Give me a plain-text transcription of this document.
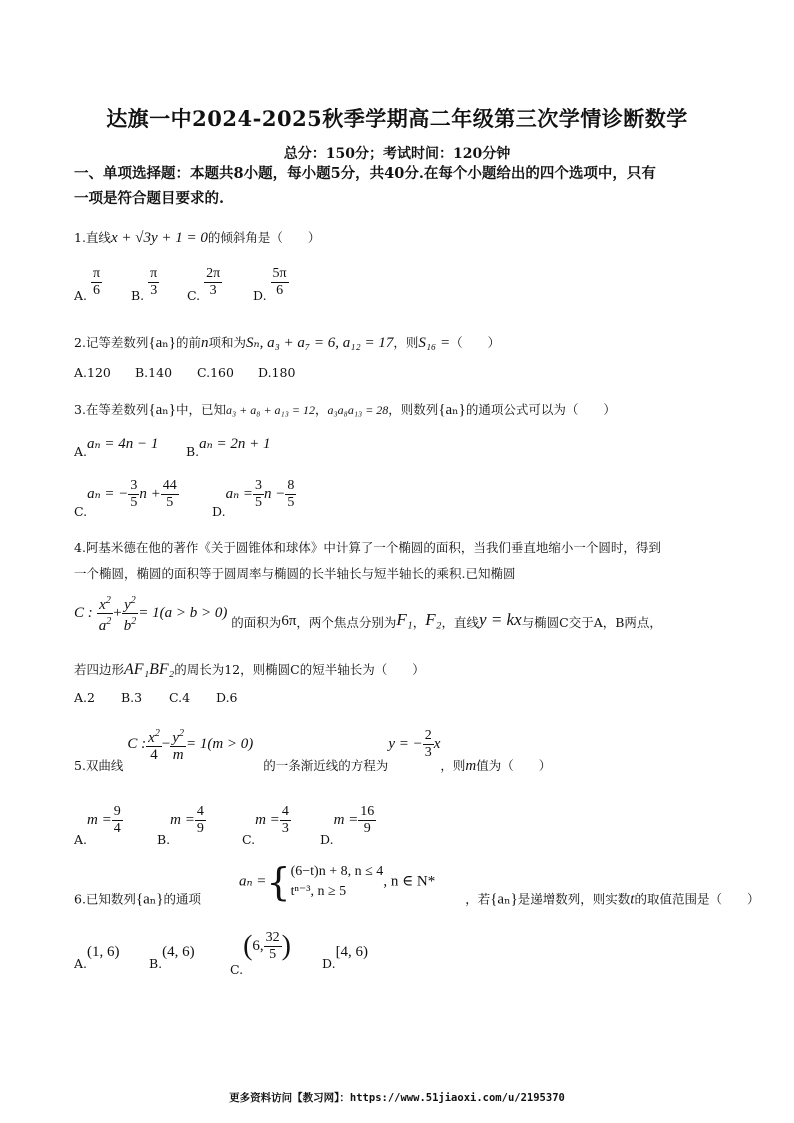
达旗一中2024-2025秋季学期高二年级第三次学情诊断数学
总分：150分；考试时间：120分钟
一、单项选择题：本题共8小题，每小题5分，共40分.在每个小题给出的四个选项中，只有
一项是符合题目要求的.
1.直线x + √3y + 1 = 0的倾斜角是（　　）
A. $\frac{\pi}{6} B$. $\frac{\pi}{3} C$. $\frac{2\pi}{3} D$. $\frac{5\pi}{6}$
2.记等差数列{aₙ}的前n项和为Sₙ, a₃ + a₇ = 6, a₁₂ = 17，则S₁₆ =（　　）
A.120 B.140 C.160 D.180
3.在等差数列{aₙ}中，已知a₃ + a₈ + a₁₃ = 12，a₃a₈a₁₃ = 28，则数列{aₙ}的通项公式可以为（　　）
A.aₙ = 4n − 1 B.aₙ = 2n + 1
C.aₙ = − $\frac{3}{5}$ $n + \frac{44}{5}$
$D.a_n = \frac{3}{5}$ $n - \frac{8}{5}$
4.阿基米德在他的著作《关于圆锥体和球体》中计算了一个椭圆的面积，当我们垂直地缩小一个圆时，得到
一个椭圆，椭圆的面积等于圆周率与椭圆的长半轴长与短半轴长的乘积.已知椭圆
C : $\frac{x^2}{a^2} + \frac{y^2}{b^2} = 1(a > b > 0)$ 的面积为6π，两个焦点分别为F₁，F₂，直线y = kx与椭圆C交于A，B两点，
若四边形AF₁BF₂的周长为12，则椭圆C的短半轴长为（　　）
A.2 B.3 C.4 D.6
5.双曲线 C : $\frac{x^2}{4} - \frac{y^2}{m} = 1(m > 0)$ 的一条渐近线的方程为y = − $\frac{2}{3}$ x，则m值为（　　）
$A.m = \frac{9}{4}$
$B.m = \frac{4}{9}$
$C.m = \frac{4}{3}$
$D.m = \frac{16}{9}$
6.已知数列{aₙ}的通项  aₙ ={ (6−t)n + 8, n ≤ 4
tⁿ⁻³, n ≥ 5
, n ∈ N*  ，若{aₙ}是递增数列，则实数t的取值范围是（　　）
A.(1, 6)
B.(4, 6)
C.(6, $\frac{32}{5}$ )
D.[4, 6)
更多资料访问【教习网】：https://www.51jiaoxi.com/u/2195370
